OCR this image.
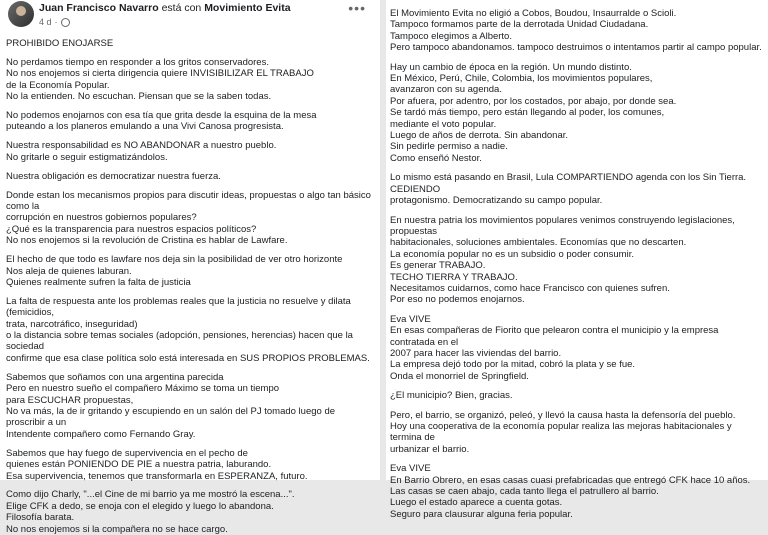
Juan Francisco Navarro está con Movimiento Evita
4 d ·
•••

PROHIBIDO ENOJARSE

No perdamos tiempo en responder a los gritos conservadores.
No nos enojemos si cierta dirigencia quiere INVISIBILIZAR EL TRABAJO
de la Economía Popular.
No la entienden. No escuchan. Piensan que se la saben todas.

No podemos enojarnos con esa tía que grita desde la esquina de la mesa
puteando a los planeros emulando a una Vivi Canosa progresista.

Nuestra responsabilidad es NO ABANDONAR a nuestro pueblo.
No gritarle o seguir estigmatizándolos.

Nuestra obligación es democratizar nuestra fuerza.

Donde estan los mecanismos propios para discutir ideas, propuestas o algo tan básico como la
corrupción en nuestros gobiernos populares?
¿Qué es la transparencia para nuestros espacios políticos?
No nos enojemos si la revolución de Cristina es hablar de Lawfare.

El hecho de que todo es lawfare nos deja sin la posibilidad de ver otro horizonte
Nos aleja de quienes laburan.
Quienes realmente sufren la falta de justicia

La falta de respuesta ante los problemas reales que la justicia no resuelve y dilata (femicidios,
trata, narcotráfico, inseguridad)
o la distancia sobre temas sociales (adopción, pensiones, herencias) hacen que la sociedad
confirme que esa clase política solo está interesada en SUS PROPIOS PROBLEMAS.

Sabemos que soñamos con una argentina parecida
Pero en nuestro sueño el compañero Máximo se toma un tiempo
para ESCUCHAR propuestas,
No va más, la de ir gritando y escupiendo en un salón del PJ tomado luego de proscribir a un
Intendente compañero como Fernando Gray.

Sabemos que hay fuego de supervivencia en el pecho de
quienes están PONIENDO DE PIE a nuestra patria, laburando.
Esa supervivencia, tenemos que transformarla en ESPERANZA, futuro.

Como dijo Charly, "...el Cine de mi barrio ya me mostró la escena...".
Elige CFK a dedo, se enoja con el elegido y luego lo abandona.
Filosofía barata.
No nos enojemos si la compañera no se hace cargo.

El Movimiento Evita no eligió a Cobos, Boudou, Insaurralde o Scioli.
Tampoco formamos parte de la derrotada Unidad Ciudadana.
Tampoco elegimos a Alberto.
Pero tampoco abandonamos. tampoco destruimos o intentamos partir al campo popular.

Hay un cambio de época en la región. Un mundo distinto.
En México, Perú, Chile, Colombia, los movimientos populares,
avanzaron con su agenda.
Por afuera, por adentro, por los costados, por abajo, por donde sea.
Se tardó más tiempo, pero están llegando al poder, los comunes,
mediante el voto popular.
Luego de años de derrota. Sin abandonar.
Sin pedirle permiso a nadie.
Como enseñó Nestor.

Lo mismo está pasando en Brasil, Lula COMPARTIENDO agenda con los Sin Tierra. CEDIENDO
protagonismo. Democratizando su campo popular.

En nuestra patria los movimientos populares venimos construyendo legislaciones, propuestas
habitacionales, soluciones ambientales. Economías que no descarten.
La economía popular no es un subsidio o poder consumir.
Es generar TRABAJO.
TECHO TIERRA Y TRABAJO.
Necesitamos cuidarnos, como hace Francisco con quienes sufren.
Por eso no podemos enojarnos.

Eva VIVE
En esas compañeras de Fiorito que pelearon contra el municipio y la empresa contratada en el
2007 para hacer las viviendas del barrio.
La empresa dejó todo por la mitad, cobró la plata y se fue.
Onda el monorriel de Springfield.

¿El municipio? Bien, gracias.

Pero, el barrio, se organizó, peleó, y llevó la causa hasta la defensoría del pueblo.
Hoy una cooperativa de la economía popular realiza las mejoras habitacionales y termina de
urbanizar el barrio.

Eva VIVE
En Barrio Obrero, en esas casas cuasi prefabricadas que entregó CFK hace 10 años.
Las casas se caen abajo, cada tanto llega el patrullero al barrio.
Luego el estado aparece a cuenta gotas.
Seguro para clausurar alguna feria popular.
